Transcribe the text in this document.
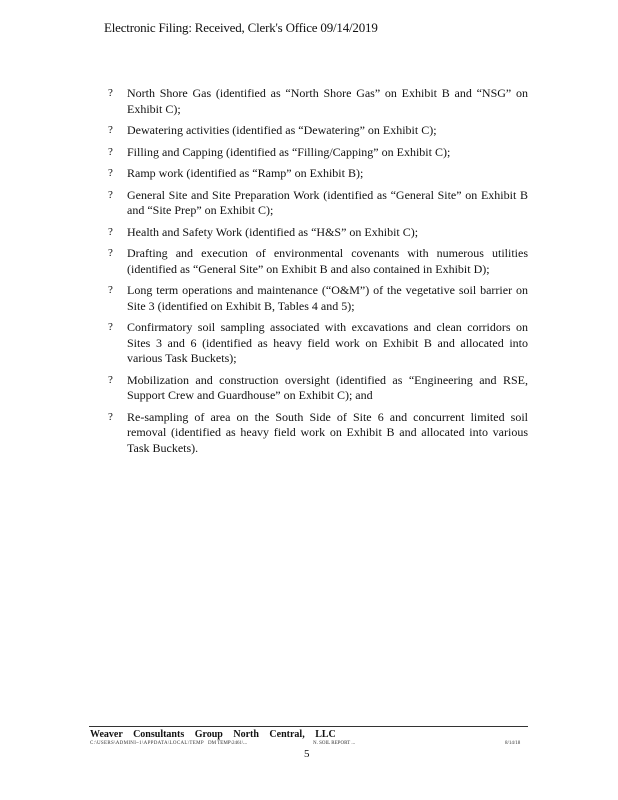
Electronic Filing: Received, Clerk's Office 09/14/2019
? North Shore Gas (identified as “North Shore Gas” on Exhibit B and “NSG” on Exhibit C);
? Dewatering activities (identified as “Dewatering” on Exhibit C);
? Filling and Capping (identified as “Filling/Capping” on Exhibit C);
? Ramp work (identified as “Ramp” on Exhibit B);
? General Site and Site Preparation Work (identified as “General Site” on Exhibit B and “Site Prep” on Exhibit C);
? Health and Safety Work (identified as “H&S” on Exhibit C);
? Drafting and execution of environmental covenants with numerous utilities (identified as “General Site” on Exhibit B and also contained in Exhibit D);
? Long term operations and maintenance (“O&M”) of the vegetative soil barrier on Site 3 (identified on Exhibit B, Tables 4 and 5);
? Confirmatory soil sampling associated with excavations and clean corridors on Sites 3 and 6 (identified as heavy field work on Exhibit B and allocated into various Task Buckets);
? Mobilization and construction oversight (identified as “Engineering and RSE, Support Crew and Guardhouse” on Exhibit C); and
? Re-sampling of area on the South Side of Site 6 and concurrent limited soil removal (identified as heavy field work on Exhibit B and allocated into various Task Buckets).
Weaver Consultants Group North Central, LLC
C:\USERS\ADMINI~1\APPDATA\LOCAL\TEMP DM TEMP\2461\...	N. SOIL REPORT ...	8/14/18
5
